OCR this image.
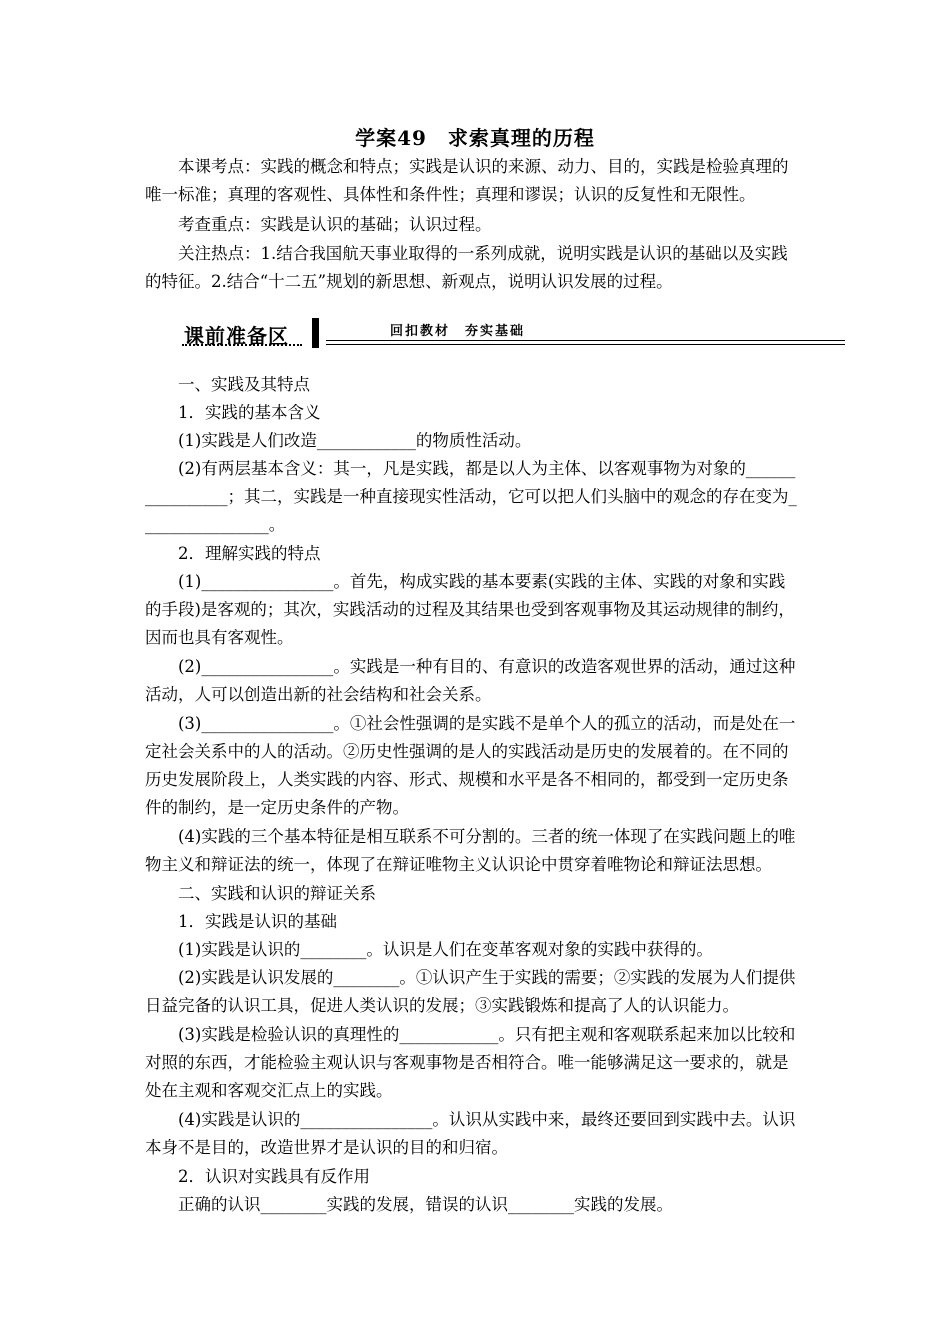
学案49　求索真理的历程
本课考点：实践的概念和特点；实践是认识的来源、动力、目的，实践是检验真理的
唯一标准；真理的客观性、具体性和条件性；真理和谬误；认识的反复性和无限性。
考查重点：实践是认识的基础；认识过程。
关注热点：1.结合我国航天事业取得的一系列成就，说明实践是认识的基础以及实践
的特征。2.结合“十二五”规划的新思想、新观点，说明认识发展的过程。
课前准备区	回扣教材　夯实基础
一、实践及其特点
1．实践的基本含义
(1)实践是人们改造____________的物质性活动。
(2)有两层基本含义：其一，凡是实践，都是以人为主体、以客观事物为对象的______
__________；其二，实践是一种直接现实性活动，它可以把人们头脑中的观念的存在变为_
_______________。
2．理解实践的特点
(1)________________。首先，构成实践的基本要素(实践的主体、实践的对象和实践
的手段)是客观的；其次，实践活动的过程及其结果也受到客观事物及其运动规律的制约，
因而也具有客观性。
(2)________________。实践是一种有目的、有意识的改造客观世界的活动，通过这种
活动，人可以创造出新的社会结构和社会关系。
(3)________________。①社会性强调的是实践不是单个人的孤立的活动，而是处在一
定社会关系中的人的活动。②历史性强调的是人的实践活动是历史的发展着的。在不同的
历史发展阶段上，人类实践的内容、形式、规模和水平是各不相同的，都受到一定历史条
件的制约，是一定历史条件的产物。
(4)实践的三个基本特征是相互联系不可分割的。三者的统一体现了在实践问题上的唯
物主义和辩证法的统一，体现了在辩证唯物主义认识论中贯穿着唯物论和辩证法思想。
二、实践和认识的辩证关系
1．实践是认识的基础
(1)实践是认识的________。认识是人们在变革客观对象的实践中获得的。
(2)实践是认识发展的________。①认识产生于实践的需要；②实践的发展为人们提供
日益完备的认识工具，促进人类认识的发展；③实践锻炼和提高了人的认识能力。
(3)实践是检验认识的真理性的____________。只有把主观和客观联系起来加以比较和
对照的东西，才能检验主观认识与客观事物是否相符合。唯一能够满足这一要求的，就是
处在主观和客观交汇点上的实践。
(4)实践是认识的________________。认识从实践中来，最终还要回到实践中去。认识
本身不是目的，改造世界才是认识的目的和归宿。
2．认识对实践具有反作用
正确的认识________实践的发展，错误的认识________实践的发展。
